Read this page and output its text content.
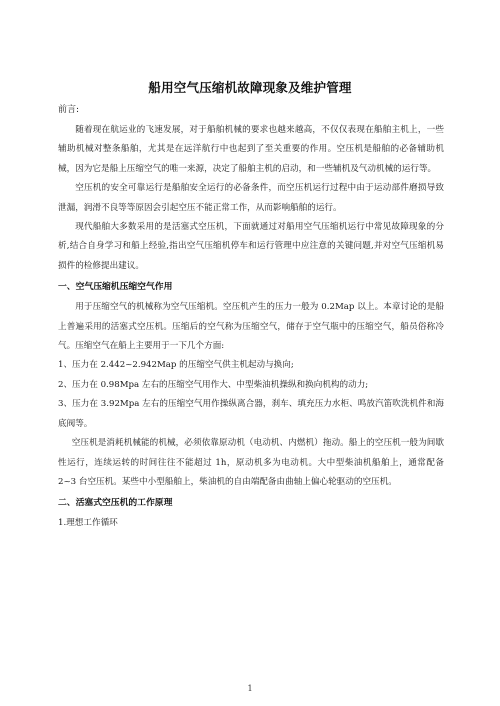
船用空气压缩机故障现象及维护管理
前言:

随着现在航运业的飞速发展，对于船舶机械的要求也越来越高，不仅仅表现在船舶主机上，一些辅助机械对整条船舶，尤其是在远洋航行中也起到了至关重要的作用。空压机是船舶的必备辅助机械，因为它是船上压缩空气的唯一来源，决定了船舶主机的启动，和一些辅机及气动机械的运行等。

空压机的安全可靠运行是船舶安全运行的必备条件，而空压机运行过程中由于运动部件磨损导致泄漏，润滑不良等等原因会引起空压不能正常工作，从而影响船舶的运行。

现代船舶大多数采用的是活塞式空压机，下面就通过对船用空气压缩机运行中常见故障现象的分析,结合自身学习和船上经验,指出空气压缩机停车和运行管理中应注意的关键问题,并对空气压缩机易损件的检修提出建议。

一、空气压缩机压缩空气作用

用于压缩空气的机械称为空气压缩机。空压机产生的压力一般为 0.2Map 以上。本章讨论的是船上普遍采用的活塞式空压机。压缩后的空气称为压缩空气，储存于空气瓶中的压缩空气，船员俗称冷气。压缩空气在船上主要用于一下几个方面:

1、压力在 2.442~2.942Map 的压缩空气供主机起动与换向;

2、压力在 0.98Mpa 左右的压缩空气用作大、中型柴油机操纵和换向机构的动力;

3、压力在 3.92Mpa 左右的压缩空气用作操纵离合器，刹车、填充压力水柜、鸣放汽笛吹洗机件和海底阀等。

空压机是消耗机械能的机械，必须依靠原动机（电动机、内燃机）拖动。船上的空压机一般为间歇性运行，连续运转的时间往往不能超过 1h，原动机多为电动机。大中型柴油机船舶上，通常配备 2~3 台空压机。某些中小型船舶上，柴油机的自由端配备由曲轴上偏心轮驱动的空压机。

二、活塞式空压机的工作原理

1.理想工作循环

1
